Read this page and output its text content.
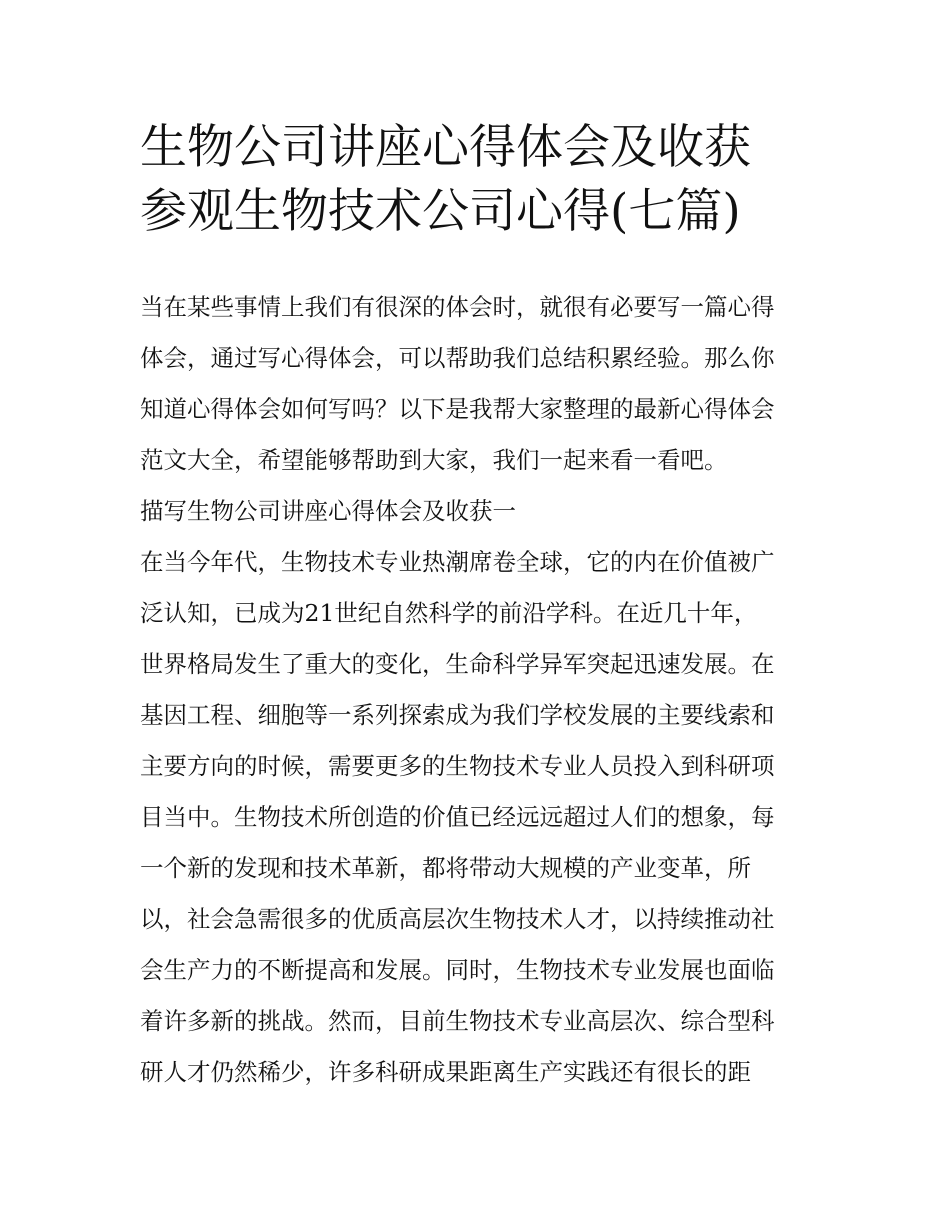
生物公司讲座心得体会及收获
参观生物技术公司心得(七篇)

当在某些事情上我们有很深的体会时，就很有必要写一篇心得
体会，通过写心得体会，可以帮助我们总结积累经验。那么你
知道心得体会如何写吗？以下是我帮大家整理的最新心得体会
范文大全，希望能够帮助到大家，我们一起来看一看吧。

描写生物公司讲座心得体会及收获一

在当今年代，生物技术专业热潮席卷全球，它的内在价值被广
泛认知，已成为21世纪自然科学的前沿学科。在近几十年，
世界格局发生了重大的变化，生命科学异军突起迅速发展。在
基因工程、细胞等一系列探索成为我们学校发展的主要线索和
主要方向的时候，需要更多的生物技术专业人员投入到科研项
目当中。生物技术所创造的价值已经远远超过人们的想象，每
一个新的发现和技术革新，都将带动大规模的产业变革，所
以，社会急需很多的优质高层次生物技术人才，以持续推动社
会生产力的不断提高和发展。同时，生物技术专业发展也面临
着许多新的挑战。然而，目前生物技术专业高层次、综合型科
研人才仍然稀少，许多科研成果距离生产实践还有很长的距
